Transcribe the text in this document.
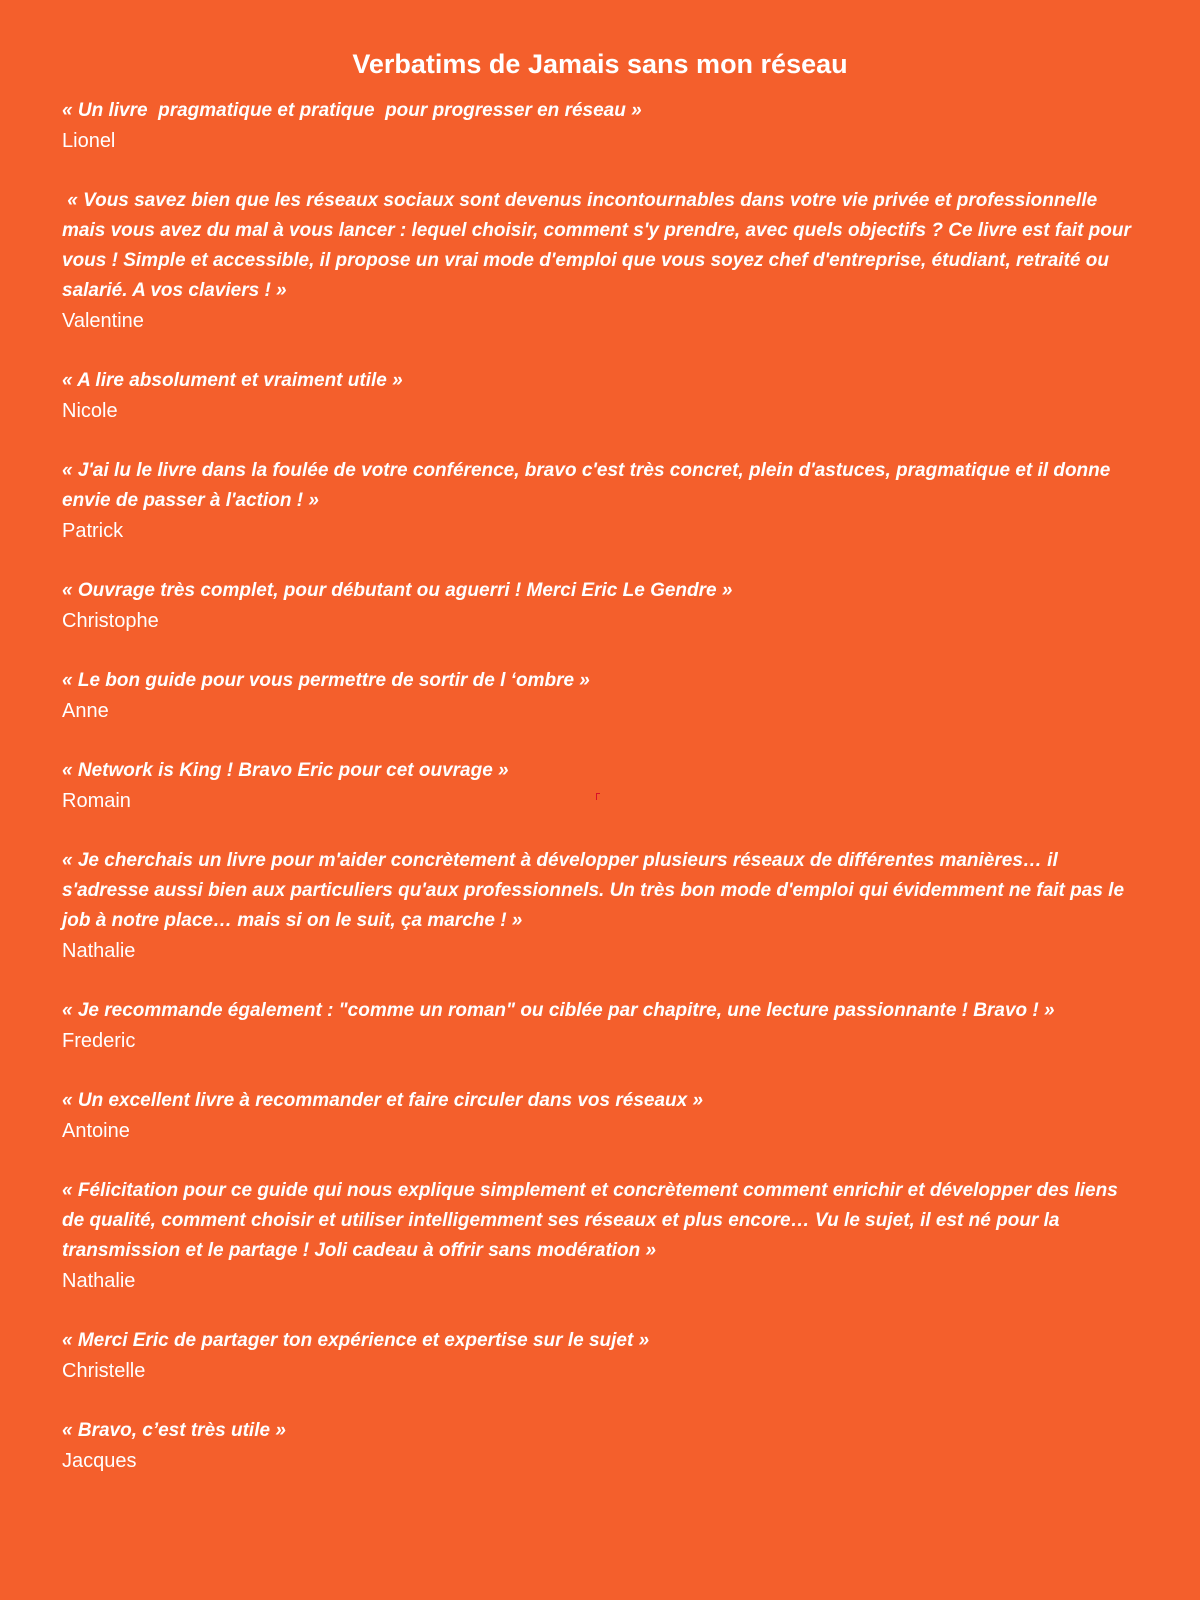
Verbatims de Jamais sans mon réseau
« Un livre  pragmatique et pratique  pour progresser en réseau »
Lionel
« Vous savez bien que les réseaux sociaux sont devenus incontournables dans votre vie privée et professionnelle mais vous avez du mal à vous lancer : lequel choisir, comment s'y prendre, avec quels objectifs ? Ce livre est fait pour vous ! Simple et accessible, il propose un vrai mode d'emploi que vous soyez chef d'entreprise, étudiant, retraité ou salarié. A vos claviers ! »
Valentine
« A lire absolument et vraiment utile »
Nicole
« J'ai lu le livre dans la foulée de votre conférence, bravo c'est très concret, plein d'astuces, pragmatique et il donne envie de passer à l'action ! »
Patrick
« Ouvrage très complet, pour débutant ou aguerri ! Merci Eric Le Gendre »
Christophe
« Le bon guide pour vous permettre de sortir de l ‘ombre »
Anne
« Network is King ! Bravo Eric pour cet ouvrage »
Romain
« Je cherchais un livre pour m'aider concrètement à développer plusieurs réseaux de différentes manières… il s'adresse aussi bien aux particuliers qu'aux professionnels. Un très bon mode d'emploi qui évidemment ne fait pas le job à notre place… mais si on le suit, ça marche ! »
Nathalie
« Je recommande également : "comme un roman" ou ciblée par chapitre, une lecture passionnante ! Bravo ! »
Frederic
« Un excellent livre à recommander et faire circuler dans vos réseaux »
Antoine
« Félicitation pour ce guide qui nous explique simplement et concrètement comment enrichir et développer des liens de qualité, comment choisir et utiliser intelligemment ses réseaux et plus encore… Vu le sujet, il est né pour la transmission et le partage ! Joli cadeau à offrir sans modération »
Nathalie
« Merci Eric de partager ton expérience et expertise sur le sujet »
Christelle
« Bravo, c’est très utile »
Jacques
